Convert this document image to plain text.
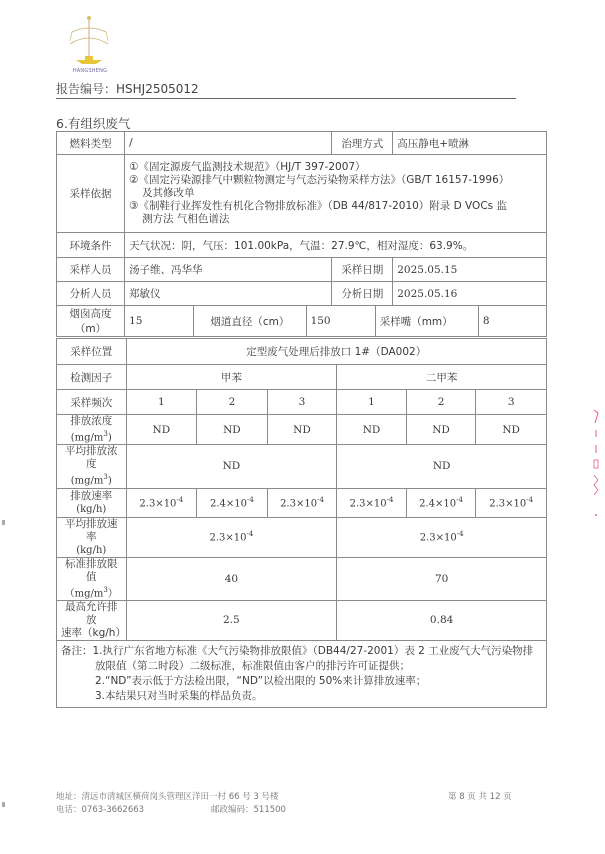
HANGSHENG
报告编号：HSHJ2505012
6.有组织废气
燃料类型	/			治理方式		高压静电+喷淋	
采样依据	①《固定源废气监测技术规范》（HJ/T 397-2007）
②《固定污染源排气中颗粒物测定与气态污染物采样方法》（GB/T 16157-1996）
及其修改单
③《制鞋行业挥发性有机化合物排放标准》（DB 44/817-2010）附录 D VOCs 监
测方法 气相色谱法						

环境条件	天气状况：阴，气压：101.00kPa，气温：27.9℃，相对湿度：63.9%。						
采样人员	汤子维、冯华华			采样日期		2025.05.15	
分析人员	郑敏仪			分析日期		2025.05.16	
烟囱高度（m）	15	烟道直径（cm）	150		采样嘴（mm）		8
采样位置	定型废气处理后排放口 1#（DA002）					
检测因子	甲苯			二甲苯		
采样频次	1	2	3	1	2	3

排放浓度
$(mg/m^3)$	ND	ND	ND	ND	ND	ND

平均排放浓度
$(mg/m^3)$	ND			ND		

排放速率
(kg/h)	$2.3\times 10^{-4}$	$2.4\times 10^{-4}$	$2.3\times 10^{-4}$	$2.3\times 10^{-4}$	$2.4\times 10^{-4}$	$2.3\times 10^{-4}$

平均排放速率
(kg/h)	$2.3\times 10^{-4}$			$2.3\times 10^{-4}$

标准排放限值
$(mg/m^3)$	40			70		

最高允许排放
速率（kg/h）	2.5			0.84		

备注：1.执行广东省地方标准《大气污染物排放限值》（DB44/27-2001）表 2 工业废气大气污染物排
放限值（第二时段）二级标准，标准限值由客户的排污许可证提供；
2.“ND”表示低于方法检出限，“ND”以检出限的 50%来计算排放速率；
3.本结果只对当时采集的样品负责。						
地址：清远市清城区横荷岗头管理区洋田一村 66 号 3 号楼	第 8 页 共 12 页
电话：0763-3662663	邮政编码：511500
